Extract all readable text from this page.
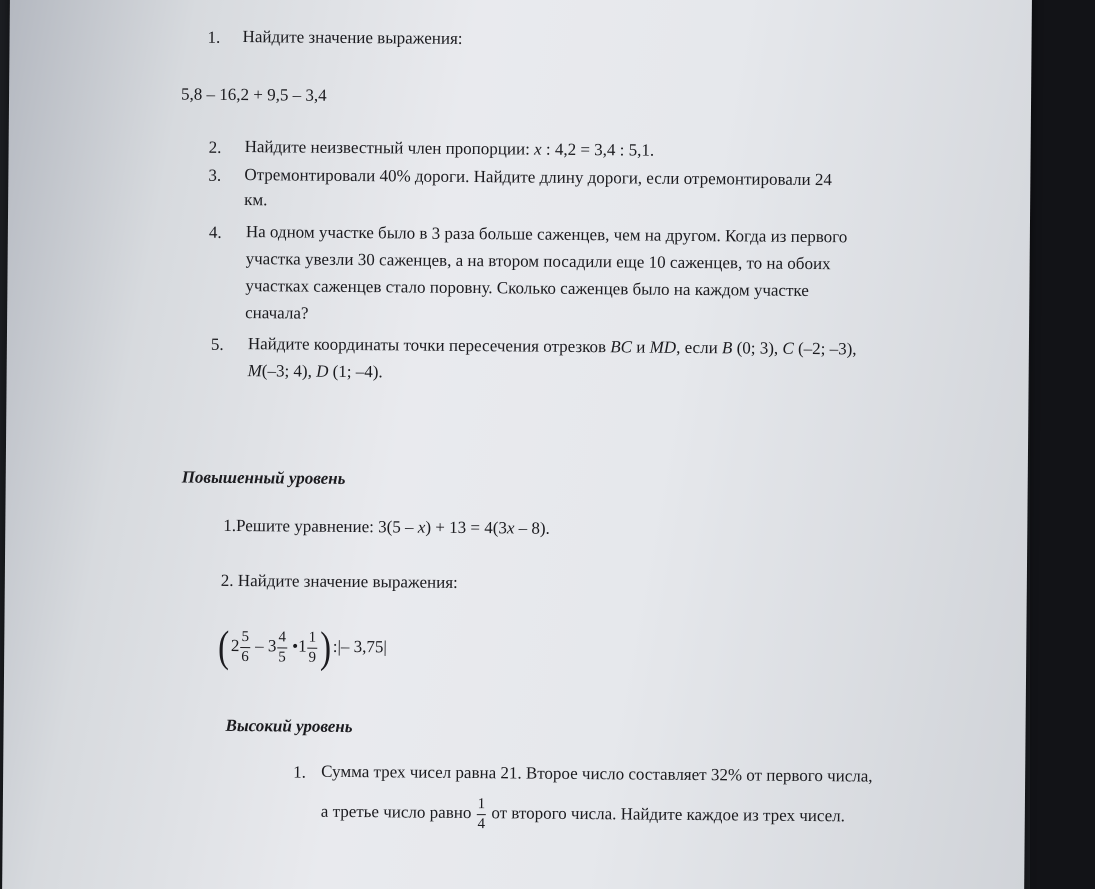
1. Найдите значение выражения:
5,8 – 16,2 + 9,5 – 3,4
2. Найдите неизвестный член пропорции: x : 4,2 = 3,4 : 5,1.
3. Отремонтировали 40% дороги. Найдите длину дороги, если отремонтировали 24
км.
4. На одном участке было в 3 раза больше саженцев, чем на другом. Когда из первого
участка увезли 30 саженцев, а на втором посадили еще 10 саженцев, то на обоих
участках саженцев стало поровну. Сколько саженцев было на каждом участке
сначала?
5. Найдите координаты точки пересечения отрезков BC и MD, если B (0; 3), C (–2; –3),
M(–3; 4), D (1; –4).
Повышенный уровень
1.Решите уравнение: 3(5 – x) + 13 = 4(3x – 8).
2. Найдите значение выражения:
($2 \frac{5}{6} - 3 \frac{4}{5}$ •1 $\frac{1}{9}$ ):|– 3,75|
Высокий уровень
1. Сумма трех чисел равна 21. Второе число составляет 32% от первого числа,
а третье число равно $\frac{1}{4}$ от второго числа. Найдите каждое из трех чисел.
